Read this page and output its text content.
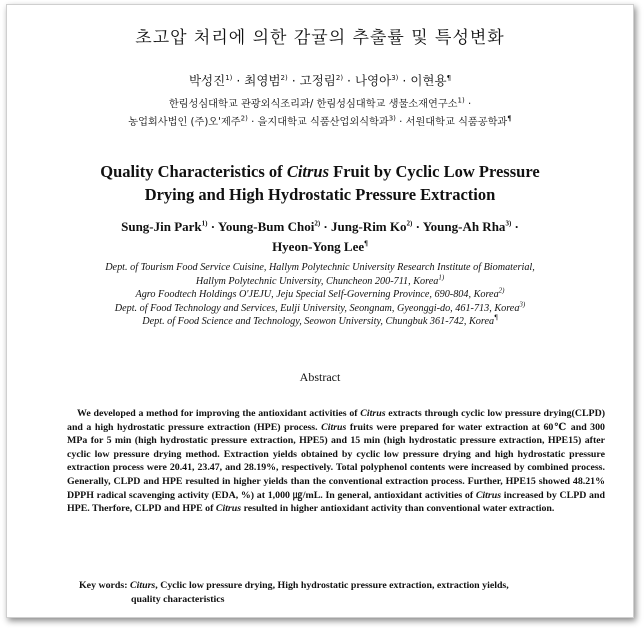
초고압 처리에 의한 감귤의 추출률 및 특성변화
박성진$^{1)}$ · 최영범$^{2)}$ · 고정림$^{2)}$ · 나영아$^{3)}$ · 이현용¶
한림성심대학교 관광외식조리과/ 한림성심대학교 생물소재연구소$^{1)}$ ·
농업회사법인 (주)오'제주$^{2)}$ · 을지대학교 식품산업외식학과$^{3)}$ · 서원대학교 식품공학과¶
Quality Characteristics of Citrus Fruit by Cyclic Low Pressure
Drying and High Hydrostatic Pressure Extraction
Sung-Jin Park$^{1)}$ · Young-Bum Choi$^{2)}$ · Jung-Rim $Ko^{2)}$ · Young-Ah Rha$^{3)}$ ·
Hyeon-Yong Lee¶
Dept. of Tourism Food Service Cuisine, Hallym Polytechnic University Research Institute of Biomaterial,
Hallym Polytechnic University, Chuncheon 200-711, Korea$^{1)}$
Agro Foodtech Holdings O'JEJU, Jeju Special Self-Governing Province, 690-804, Korea$^{2)}$
Dept. of Food Technology and Services, Eulji University, Seongnam, Gyeonggi-do, 461-713, Korea$^{3)}$
Dept. of Food Science and Technology, Seowon University, Chungbuk 361-742, Korea¶
Abstract
We developed a method for improving the antioxidant activities of Citrus extracts through cyclic low pressure drying(CLPD) and a high hydrostatic pressure extraction (HPE) process. Citrus fruits were prepared for water extraction at 60℃ and 300 MPa for 5 min (high hydrostatic pressure extraction, HPE5) and 15 min (high hydrostatic pressure extraction, HPE15) after cyclic low pressure drying method. Extraction yields obtained by cyclic low pressure drying and high hydrostatic pressure extraction process were 20.41, 23.47, and 28.19%, respectively. Total polyphenol contents were increased by combined process. Generally, CLPD and HPE resulted in higher yields than the conventional extraction process. Further, HPE15 showed 48.21% DPPH radical scavenging activity (EDA, %) at 1,000 ㎍/mL. In general, antioxidant activities of Citrus increased by CLPD and HPE. Therfore, CLPD and HPE of Citrus resulted in higher antioxidant activity than conventional water extraction.
Key words: Citurs, Cyclic low pressure drying, High hydrostatic pressure extraction, extraction yields,
quality characteristics
